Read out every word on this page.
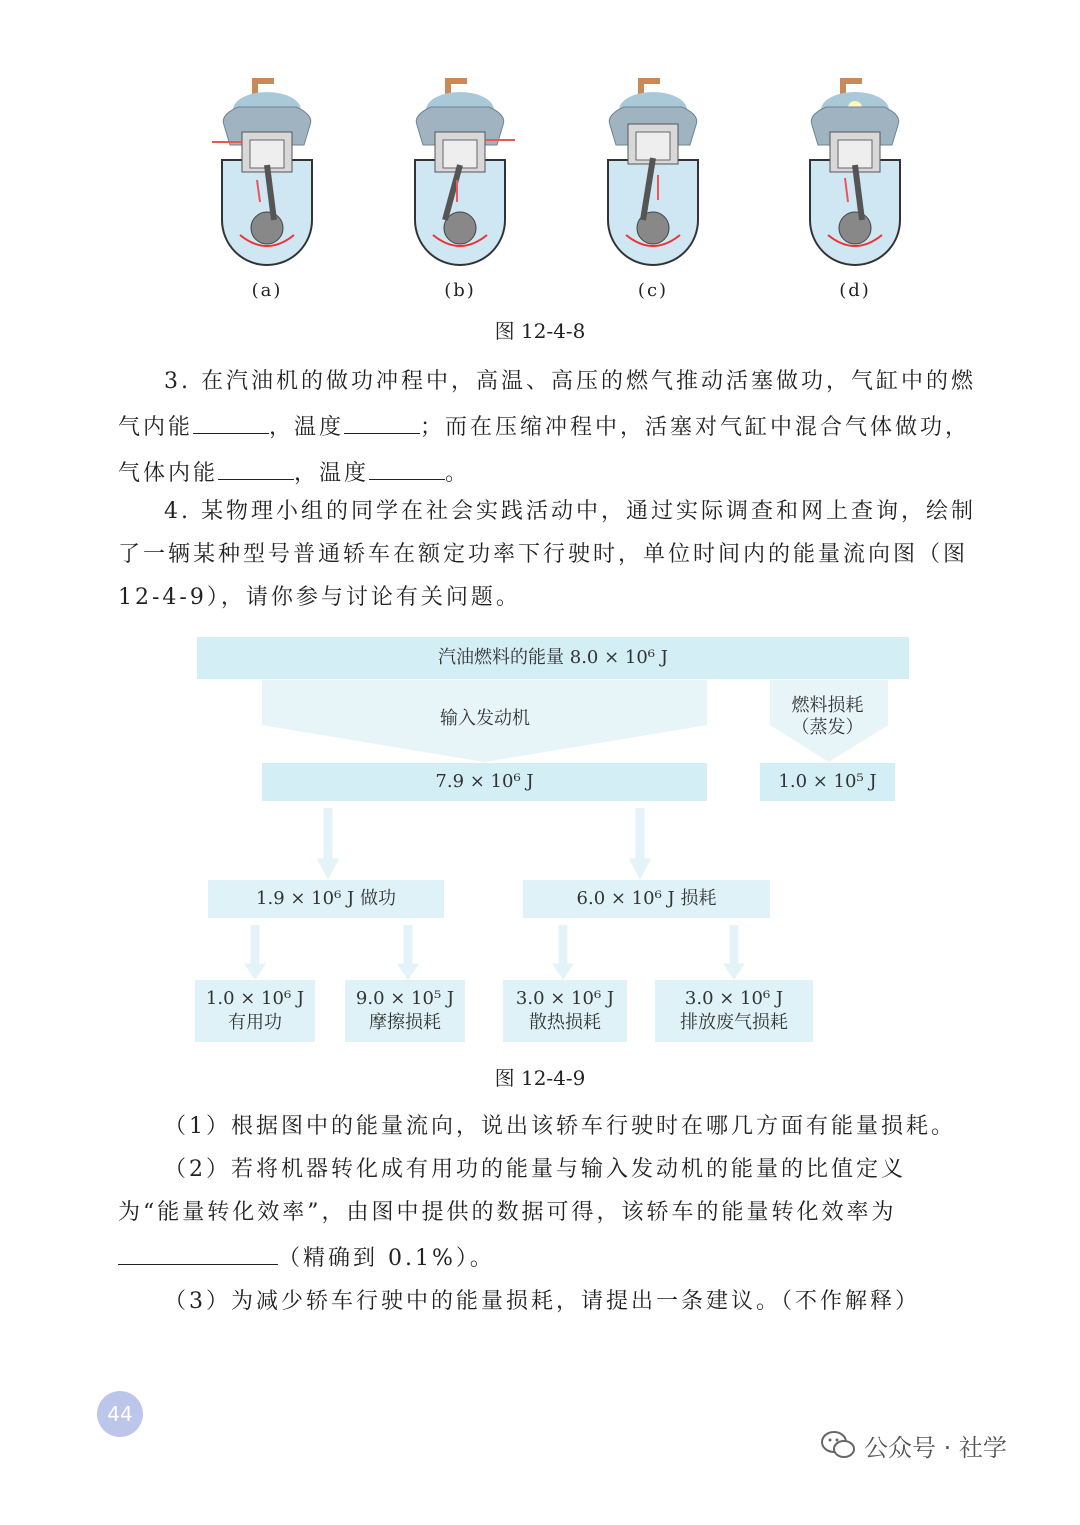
(a)	(b)	(c)	(d)
图 12-4-8
3. 在汽油机的做功冲程中，高温、高压的燃气推动活塞做功，气缸中的燃
气内能	，温度	；而在压缩冲程中，活塞对气缸中混合气体做功，
气体内能	，温度	。
4. 某物理小组的同学在社会实践活动中，通过实际调查和网上查询，绘制
了一辆某种型号普通轿车在额定功率下行驶时，单位时间内的能量流向图（图
12-4-9），请你参与讨论有关问题。
汽油燃料的能量 8.0 × 10⁶ J
输入发动机
燃料损耗
（蒸发）
7.9 × 10⁶ J	1.0 × 10⁵ J
1.9 × 10⁶ J 做功	6.0 × 10⁶ J 损耗
1.0 × 10⁶ J
有用功
9.0 × 10⁵ J
摩擦损耗
3.0 × 10⁶ J
散热损耗
3.0 × 10⁶ J
排放废气损耗
图 12-4-9
（1）根据图中的能量流向，说出该轿车行驶时在哪几方面有能量损耗。
（2）若将机器转化成有用功的能量与输入发动机的能量的比值定义
为“能量转化效率”，由图中提供的数据可得，该轿车的能量转化效率为
（精确到 0.1%）。
（3）为减少轿车行驶中的能量损耗，请提出一条建议。（不作解释）
44
公众号 · 社学
